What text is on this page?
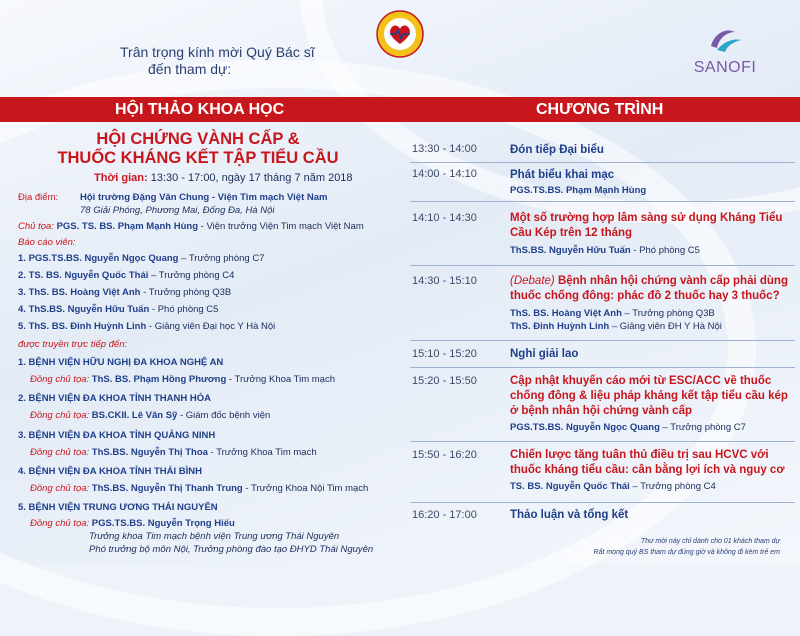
Trân trọng kính mời Quý Bác sĩ
đến tham dự:	SANOFI
HỘI THẢO KHOA HỌC	CHƯƠNG TRÌNH
HỘI CHỨNG VÀNH CẤP &
THUỐC KHÁNG KẾT TẬP TIỂU CẦU
Thời gian: 13:30 - 17:00, ngày 17 tháng 7 năm 2018
Địa điểm: Hội trường Đặng Văn Chung - Viện Tim mạch Việt Nam
78 Giải Phóng, Phương Mai, Đống Đa, Hà Nội
Chủ tọa: PGS. TS. BS. Phạm Mạnh Hùng - Viện trưởng Viện Tim mạch Việt Nam
Báo cáo viên:
1. PGS.TS.BS. Nguyễn Ngọc Quang – Trưởng phòng C7
2. TS. BS. Nguyễn Quốc Thái – Trưởng phòng C4
3. ThS. BS. Hoàng Việt Anh - Trưởng phòng Q3B
4. ThS.BS. Nguyễn Hữu Tuấn - Phó phòng C5
5. ThS. BS. Đinh Huỳnh Linh - Giảng viên Đại học Y Hà Nội
được truyền trực tiếp đến:
1. BỆNH VIỆN HỮU NGHỊ ĐA KHOA NGHỆ AN
Đồng chủ tọa: ThS. BS. Phạm Hồng Phương - Trưởng Khoa Tim mạch
2. BỆNH VIỆN ĐA KHOA TỈNH THANH HÓA
Đồng chủ tọa: BS.CKII. Lê Văn Sỹ - Giám đốc bệnh viện
3. BỆNH VIỆN ĐA KHOA TỈNH QUẢNG NINH
Đồng chủ tọa: ThS.BS. Nguyễn Thị Thoa - Trưởng Khoa Tim mạch
4. BỆNH VIỆN ĐA KHOA TỈNH THÁI BÌNH
Đồng chủ tọa: ThS.BS. Nguyễn Thị Thanh Trung - Trưởng Khoa Nội Tim mạch
5. BỆNH VIỆN TRUNG ƯƠNG THÁI NGUYÊN
Đồng chủ tọa: PGS.TS.BS. Nguyễn Trọng Hiếu
Trưởng khoa Tim mạch bệnh viện Trung ương Thái Nguyên
Phó trưởng bộ môn Nội, Trưởng phòng đào tạo ĐHYD Thái Nguyên
13:30 - 14:00	Đón tiếp Đại biểu
14:00 - 14:10	Phát biểu khai mạc
PGS.TS.BS. Phạm Mạnh Hùng
14:10 - 14:30	Một số trường hợp lâm sàng sử dụng Kháng Tiểu
Cầu Kép trên 12 tháng
ThS.BS. Nguyễn Hữu Tuấn - Phó phòng C5
14:30 - 15:10	(Debate) Bệnh nhân hội chứng vành cấp phải dùng
thuốc chống đông: phác đồ 2 thuốc hay 3 thuốc?
ThS. BS. Hoàng Việt Anh – Trưởng phòng Q3B
ThS. Đinh Huỳnh Linh – Giảng viên ĐH Y Hà Nội
15:10 - 15:20	Nghỉ giải lao
15:20 - 15:50	Cập nhật khuyến cáo mới từ ESC/ACC về thuốc
chống đông & liệu pháp kháng kết tập tiểu cầu kép
ở bệnh nhân hội chứng vành cấp
PGS.TS.BS. Nguyễn Ngọc Quang – Trưởng phòng C7
15:50 - 16:20	Chiến lược tăng tuân thủ điều trị sau HCVC với
thuốc kháng tiểu cầu: cân bằng lợi ích và nguy cơ
TS. BS. Nguyễn Quốc Thái – Trưởng phòng C4
16:20 - 17:00	Thảo luận và tổng kết
Thư mời này chỉ dành cho 01 khách tham dự
Rất mong quý BS tham dự đúng giờ và không đi kèm trẻ em
